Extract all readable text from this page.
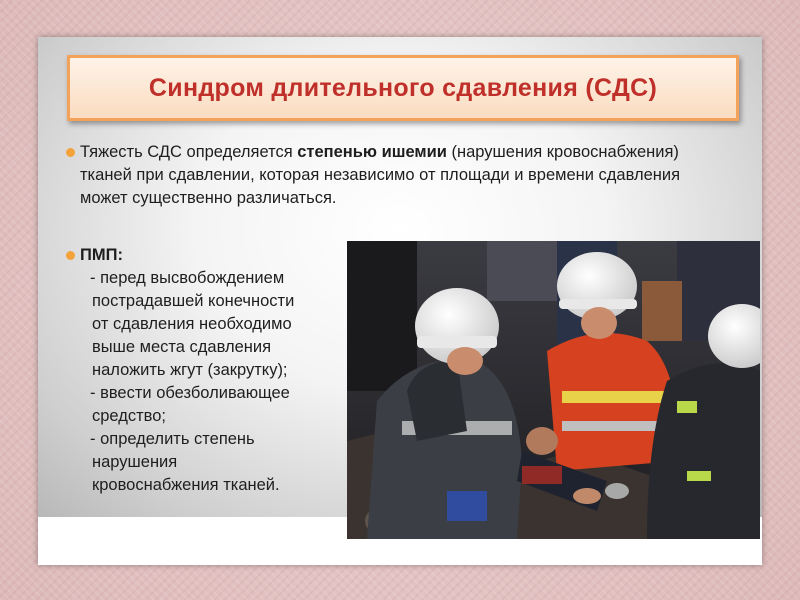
Синдром длительного сдавления (СДС)
Тяжесть СДС определяется степенью ишемии (нарушения кровоснабжения) тканей при сдавлении, которая независимо от площади и времени сдавления может существенно различаться.
ПМП:
- перед высвобождением
пострадавшей конечности
от сдавления необходимо
выше места сдавления
наложить жгут (закрутку);
- ввести обезболивающее
средство;
- определить степень
нарушения
кровоснабжения тканей.
